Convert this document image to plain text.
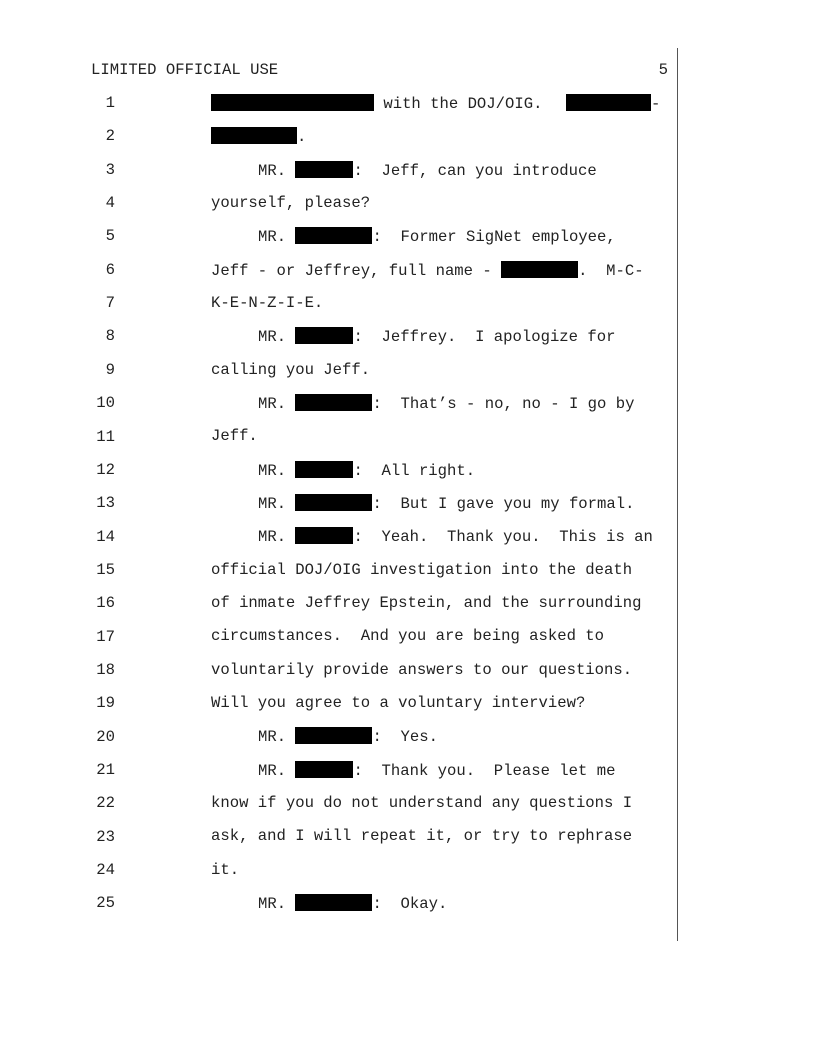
LIMITED OFFICIAL USE	5
1
2
3
4
5
6
7
8
9
10
11
12
13
14
15
16
17
18
19
20
21
22
23
24
25
with the DOJ/OIG.	-
.
MR.	:  Jeff, can you introduce
yourself, please?
MR.	:  Former SigNet employee,
Jeff - or Jeffrey, full name -	.  M-C-
K-E-N-Z-I-E.
MR.	:  Jeffrey.  I apologize for
calling you Jeff.
MR.	:  That’s - no, no - I go by
Jeff.
MR.	:  All right.
MR.	:  But I gave you my formal.
MR.	:  Yeah.  Thank you.  This is an
official DOJ/OIG investigation into the death
of inmate Jeffrey Epstein, and the surrounding
circumstances.  And you are being asked to
voluntarily provide answers to our questions.
Will you agree to a voluntary interview?
MR.	:  Yes.
MR.	:  Thank you.  Please let me
know if you do not understand any questions I
ask, and I will repeat it, or try to rephrase
it.
MR.	:  Okay.
